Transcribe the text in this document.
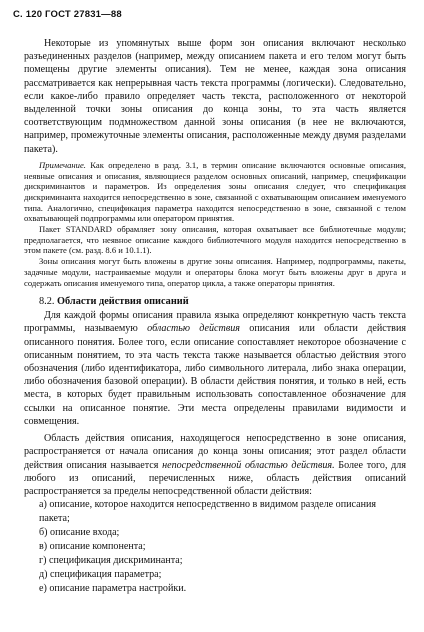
С. 120 ГОСТ 27831—88

Некоторые из упомянутых выше форм зон описания включают несколько разъединенных разделов (например, между описанием пакета и его телом могут быть помещены другие элементы описания). Тем не менее, каждая зона описания рассматривается как непрерывная часть текста программы (логически). Следовательно, если какое-либо правило определяет часть текста, расположенного от некоторой выделенной точки зоны описания до конца зоны, то эта часть является соответствующим подмножеством данной зоны описания (в нее не включаются, например, промежуточные элементы описания, расположенные между двумя разделами пакета).

Примечание. Как определено в разд. 3.1, в термин описание включаются основные описания, неявные описания и описания, являющиеся разделом основных описаний, например, спецификации дискриминантов и параметров. Из определения зоны описания следует, что спецификация дискриминанта находится непосредственно в зоне, связанной с охватывающим описанием именуемого типа. Аналогично, спецификация параметра находится непосредственно в зоне, связанной с телом охватывающей подпрограммы или оператором принятия.

Пакет STANDARD обрамляет зону описания, которая охватывает все библиотечные модули; предполагается, что неявное описание каждого библиотечного модуля находится непосредственно в этом пакете (см. разд. 8.6 и 10.1.1).

Зоны описания могут быть вложены в другие зоны описания. Например, подпрограммы, пакеты, задачные модули, настраиваемые модули и операторы блока могут быть вложены друг в друга и содержать описания именуемого типа, оператор цикла, а также операторы принятия.

8.2. Области действия описаний

Для каждой формы описания правила языка определяют конкретную часть текста программы, называемую областью действия описания или области действия описанного понятия. Более того, если описание сопоставляет некоторое обозначение с описанным понятием, то эта часть текста также называется областью действия этого обозначения (либо идентификатора, либо символьного литерала, либо знака операции, либо обозначения базовой операции). В области действия понятия, и только в ней, есть места, в которых будет правильным использовать сопоставленное обозначение для ссылки на описанное понятие. Эти места определены правилами видимости и совмещения.

Область действия описания, находящегося непосредственно в зоне описания, распространяется от начала описания до конца зоны описания; этот раздел области действия описания называется непосредственной областью действия. Более того, для любого из описаний, перечисленных ниже, область действия описаний распространяется за пределы непосредственной области действия:

а) описание, которое находится непосредственно в видимом разделе описания пакета;
б) описание входа;
в) описание компонента;
г) спецификация дискриминанта;
д) спецификация параметра;
е) описание параметра настройки.
